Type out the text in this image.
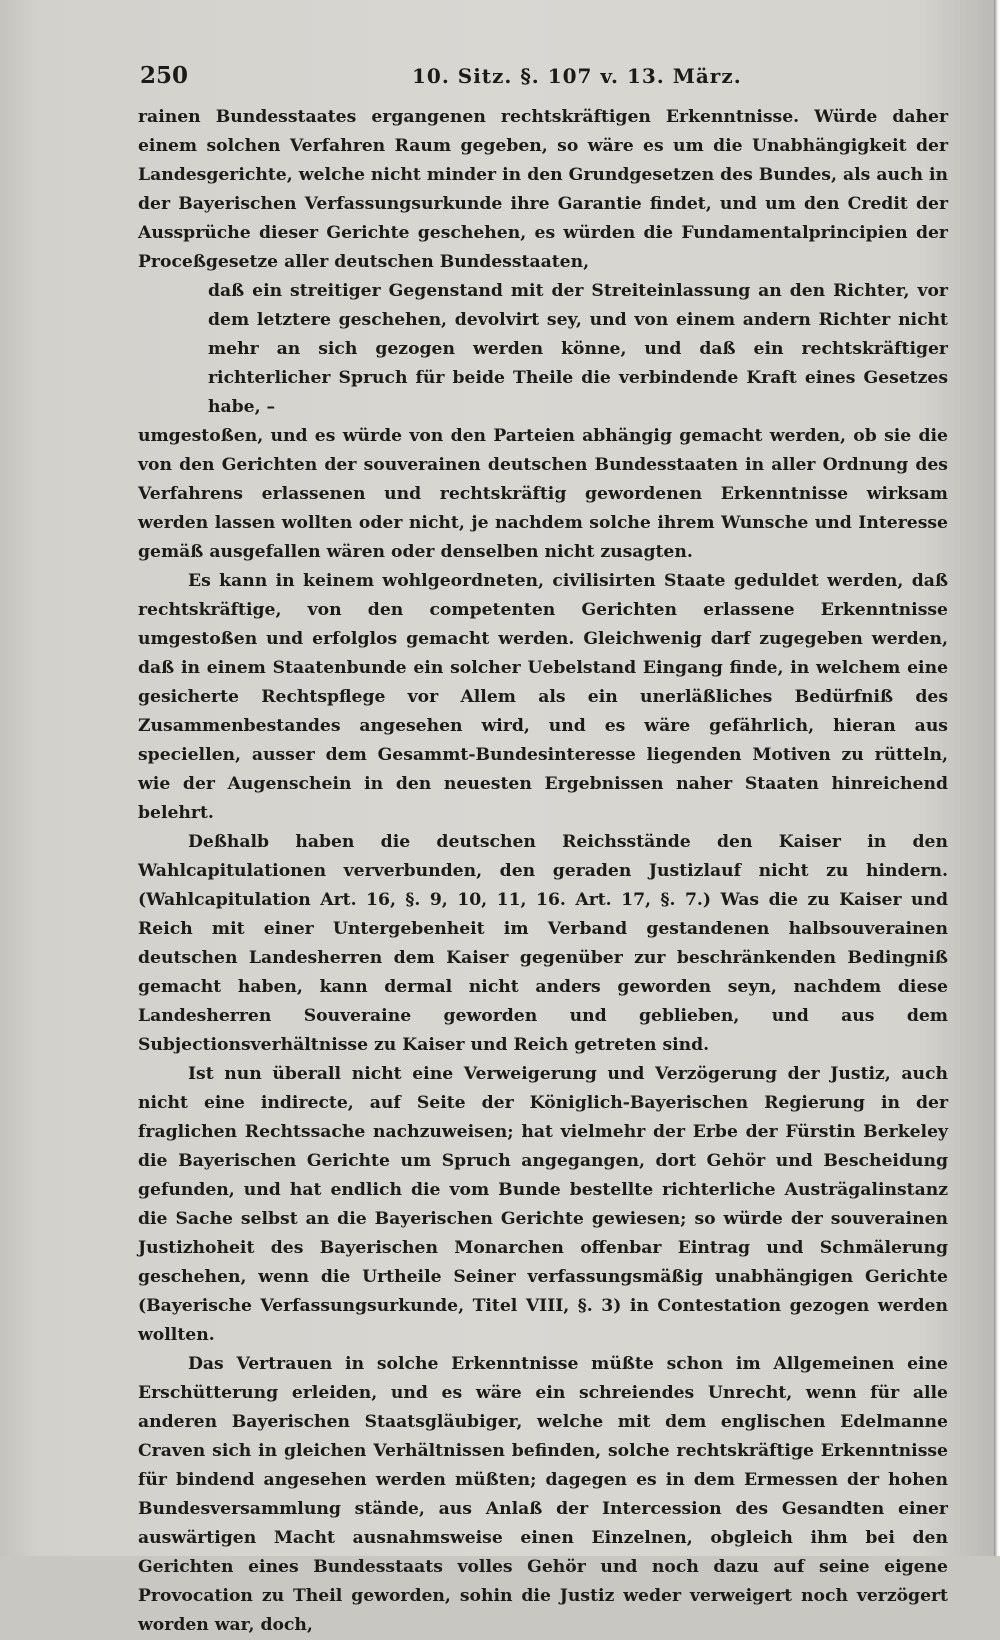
250	10. Sitz. §. 107 v. 13. März.

rainen Bundesstaates ergangenen rechtskräftigen Erkenntnisse. Würde daher einem solchen Verfahren Raum gegeben, so wäre es um die Unabhängigkeit der Landesgerichte, welche nicht minder in den Grundgesetzen des Bundes, als auch in der Bayerischen Verfassungsurkunde ihre Garantie findet, und um den Credit der Aussprüche dieser Gerichte geschehen, es würden die Fundamentalprincipien der Proceßgesetze aller deutschen Bundesstaaten,

daß ein streitiger Gegenstand mit der Streiteinlassung an den Richter, vor dem letztere geschehen, devolvirt sey, und von einem andern Richter nicht mehr an sich gezogen werden könne, und daß ein rechtskräftiger richterlicher Spruch für beide Theile die verbindende Kraft eines Gesetzes habe, –

umgestoßen, und es würde von den Parteien abhängig gemacht werden, ob sie die von den Gerichten der souverainen deutschen Bundesstaaten in aller Ordnung des Verfahrens erlassenen und rechtskräftig gewordenen Erkenntnisse wirksam werden lassen wollten oder nicht, je nachdem solche ihrem Wunsche und Interesse gemäß ausgefallen wären oder denselben nicht zusagten.

Es kann in keinem wohlgeordneten, civilisirten Staate geduldet werden, daß rechtskräftige, von den competenten Gerichten erlassene Erkenntnisse umgestoßen und erfolglos gemacht werden. Gleichwenig darf zugegeben werden, daß in einem Staatenbunde ein solcher Uebelstand Eingang finde, in welchem eine gesicherte Rechtspflege vor Allem als ein unerläßliches Bedürfniß des Zusammenbestandes angesehen wird, und es wäre gefährlich, hieran aus speciellen, ausser dem Gesammt-Bundesinteresse liegenden Motiven zu rütteln, wie der Augenschein in den neuesten Ergebnissen naher Staaten hinreichend belehrt.

Deßhalb haben die deutschen Reichsstände den Kaiser in den Wahlcapitulationen ververbunden, den geraden Justizlauf nicht zu hindern. (Wahlcapitulation Art. 16, §. 9, 10, 11, 16. Art. 17, §. 7.) Was die zu Kaiser und Reich mit einer Untergebenheit im Verband gestandenen halbsouverainen deutschen Landesherren dem Kaiser gegenüber zur beschränkenden Bedingniß gemacht haben, kann dermal nicht anders geworden seyn, nachdem diese Landesherren Souveraine geworden und geblieben, und aus dem Subjectionsverhältnisse zu Kaiser und Reich getreten sind.

Ist nun überall nicht eine Verweigerung und Verzögerung der Justiz, auch nicht eine indirecte, auf Seite der Königlich-Bayerischen Regierung in der fraglichen Rechtssache nachzuweisen; hat vielmehr der Erbe der Fürstin Berkeley die Bayerischen Gerichte um Spruch angegangen, dort Gehör und Bescheidung gefunden, und hat endlich die vom Bunde bestellte richterliche Austrägalinstanz die Sache selbst an die Bayerischen Gerichte gewiesen; so würde der souverainen Justizhoheit des Bayerischen Monarchen offenbar Eintrag und Schmälerung geschehen, wenn die Urtheile Seiner verfassungsmäßig unabhängigen Gerichte (Bayerische Verfassungsurkunde, Titel VIII, §. 3) in Contestation gezogen werden wollten.

Das Vertrauen in solche Erkenntnisse müßte schon im Allgemeinen eine Erschütterung erleiden, und es wäre ein schreiendes Unrecht, wenn für alle anderen Bayerischen Staatsgläubiger, welche mit dem englischen Edelmanne Craven sich in gleichen Verhältnissen befinden, solche rechtskräftige Erkenntnisse für bindend angesehen werden müßten; dagegen es in dem Ermessen der hohen Bundesversammlung stände, aus Anlaß der Intercession des Gesandten einer auswärtigen Macht ausnahmsweise einen Einzelnen, obgleich ihm bei den Gerichten eines Bundesstaats volles Gehör und noch dazu auf seine eigene Provocation zu Theil geworden, sohin die Justiz weder verweigert noch verzögert worden war, doch,
